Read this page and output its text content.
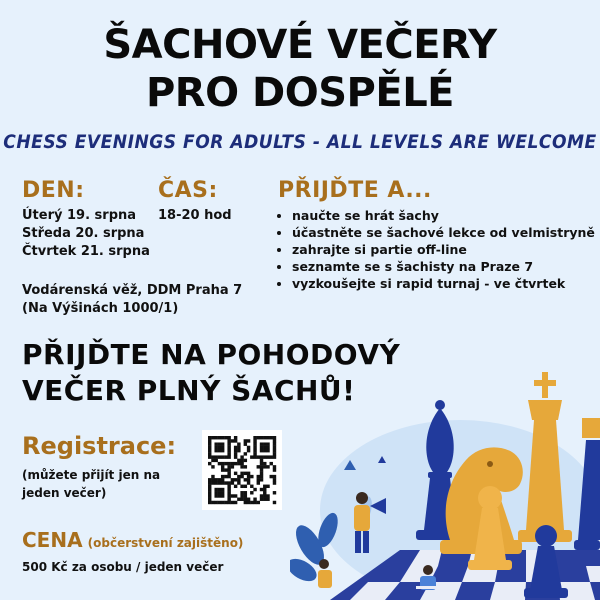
ŠACHOVÉ VEČERY
PRO DOSPĚLÉ
CHESS EVENINGS FOR ADULTS - ALL LEVELS ARE WELCOME
DEN:
Úterý 19. srpna
Středa 20. srpna
Čtvrtek 21. srpna
ČAS:
18-20 hod
PŘIJĎTE A...
• naučte se hrát šachy
• účastněte se šachové lekce od velmistryně
• zahrajte si partie off-line
• seznamte se s šachisty na Praze 7
• vyzkoušejte si rapid turnaj - ve čtvrtek
Vodárenská věž, DDM Praha 7
(Na Výšinách 1000/1)
PŘIJĎTE NA POHODOVÝ
VEČER PLNÝ ŠACHŮ!
Registrace:
(můžete přijít jen na
jeden večer)
CENA (občerstvení zajištěno)
500 Kč za osobu / jeden večer
